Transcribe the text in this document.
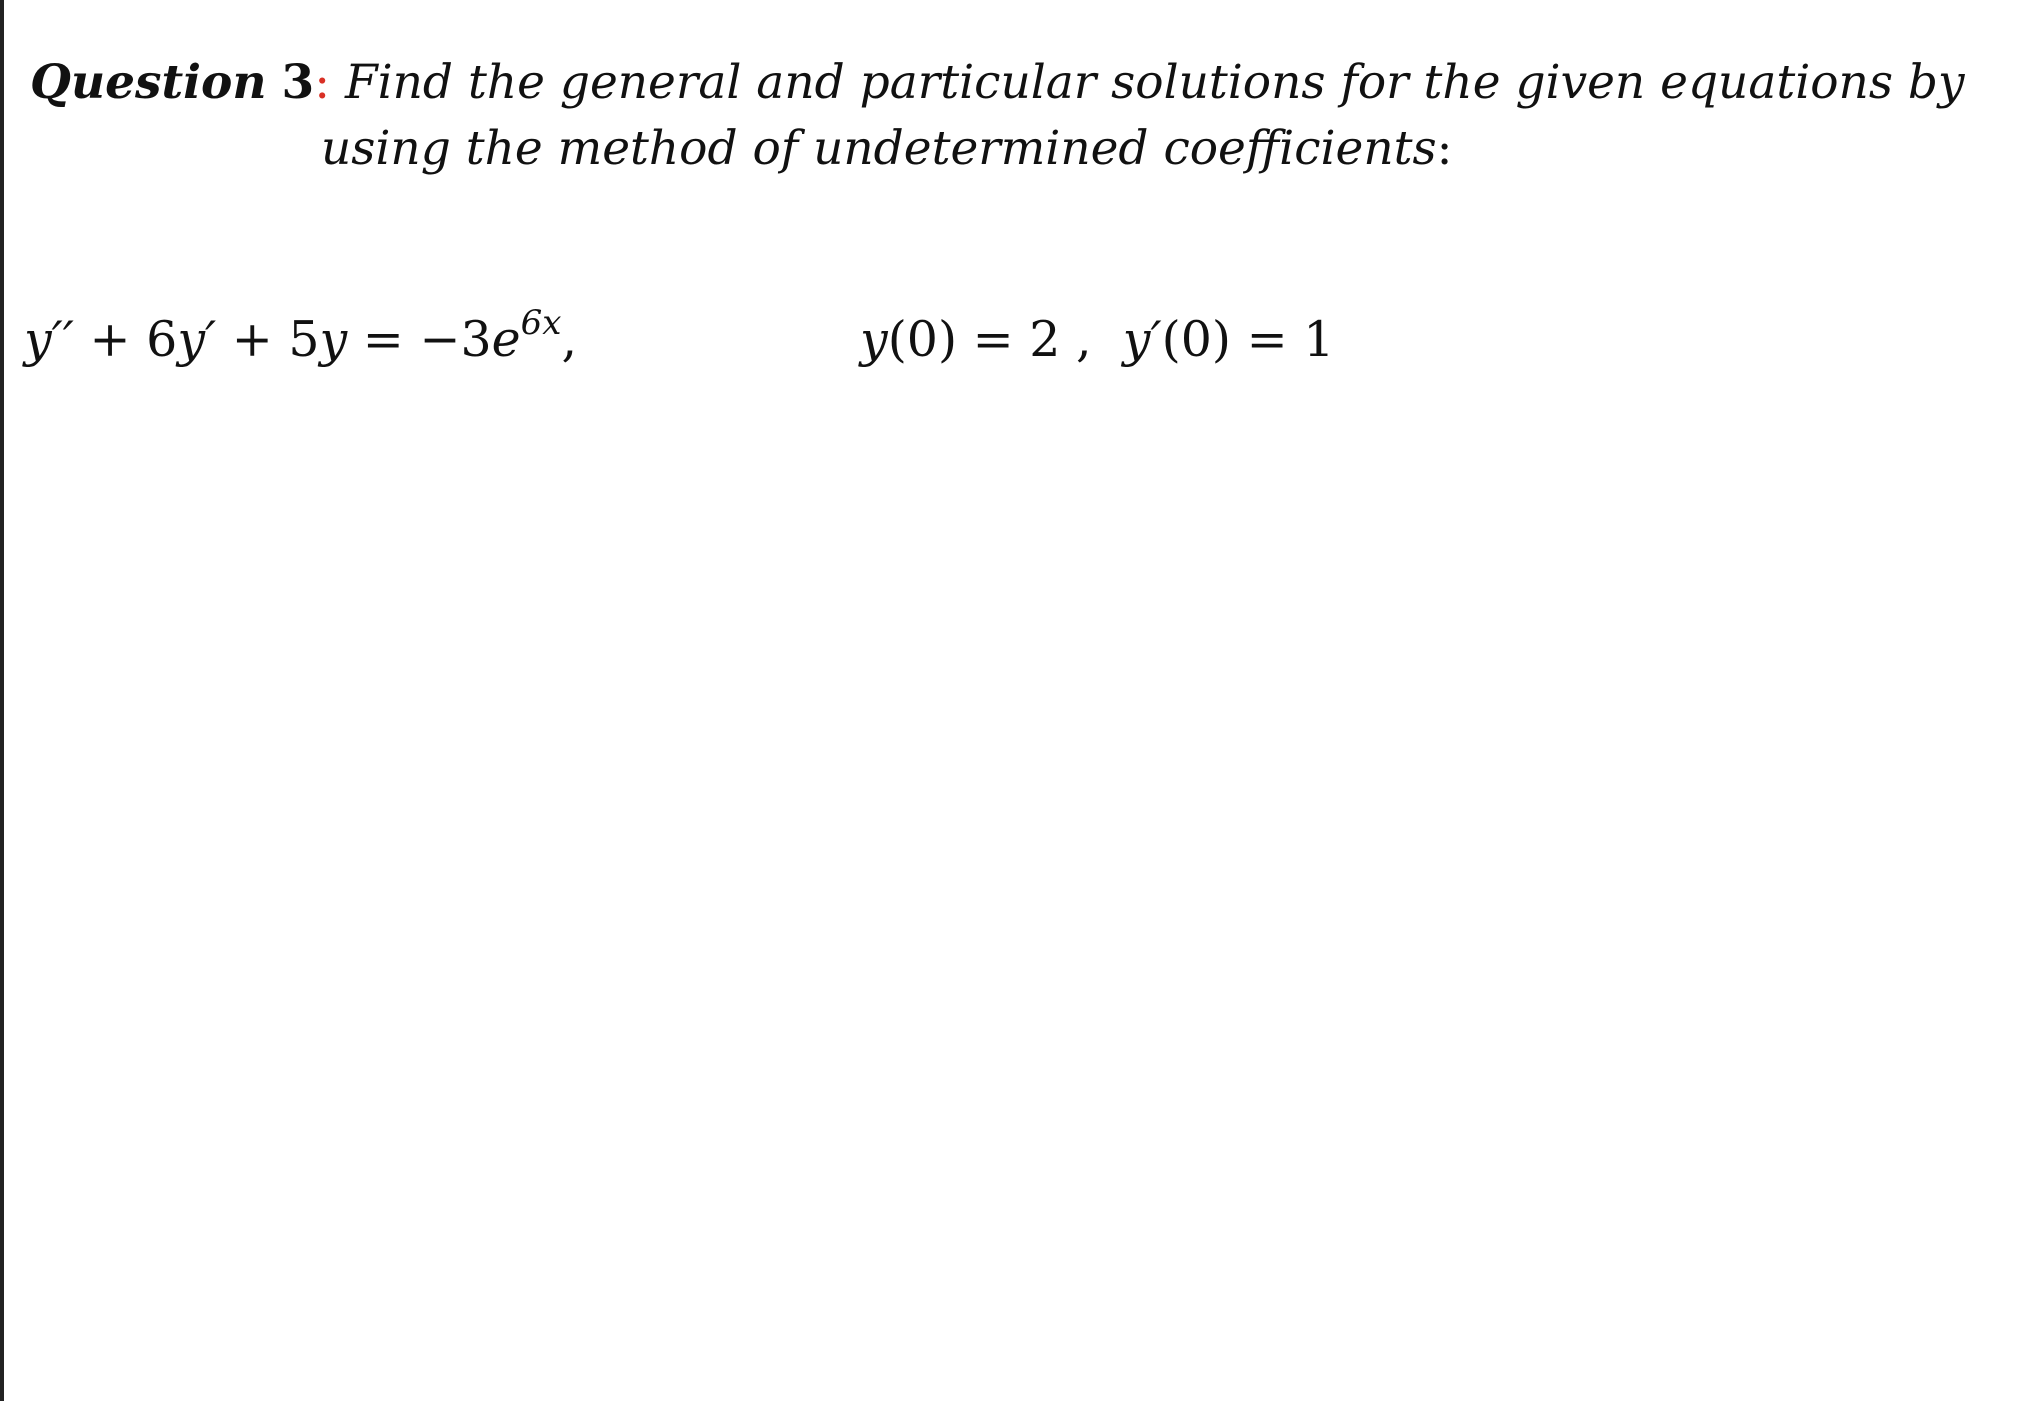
Question 3: Find the general and particular solutions for the given equations by
using the method of undetermined coefficients:
$y'' + 6y' + 5y = -3e^{6x}$,	y(0) = 2 ,  y′(0) = 1
